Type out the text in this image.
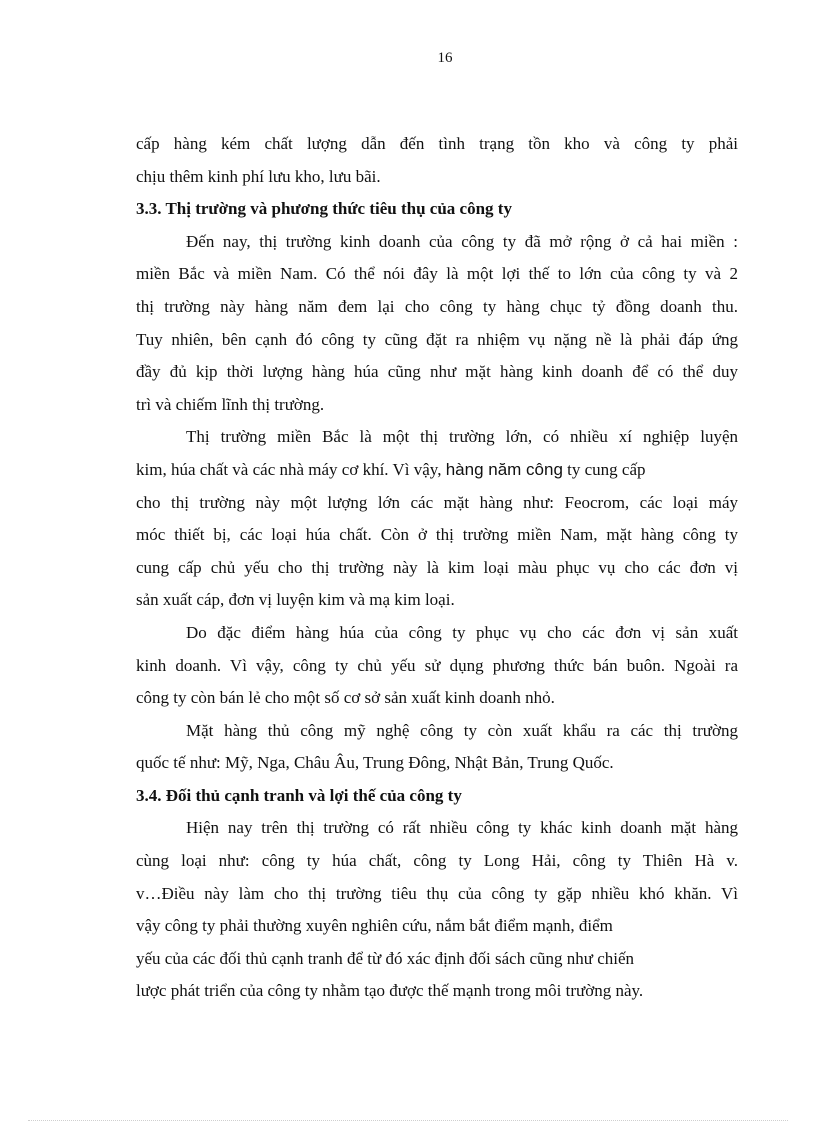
16
cấp hàng kém chất lượng dẫn đến tình trạng tồn kho và công ty phải
chịu thêm kinh phí lưu kho, lưu bãi.
3.3. Thị trường và phương thức tiêu thụ của công ty
Đến nay, thị trường kinh doanh của công ty đã mở rộng ở cả hai miền :
miền Bắc và miền Nam. Có thể nói đây là một lợi thế to lớn của công ty và 2
thị trường này hàng năm đem lại cho công ty hàng chục tỷ đồng doanh thu.
Tuy nhiên, bên cạnh đó công ty cũng đặt ra nhiệm vụ nặng nề là phải đáp ứng
đầy đủ kịp thời lượng hàng húa cũng như mặt hàng kinh doanh để có thể duy
trì và chiếm lĩnh thị trường.
Thị trường miền Bắc là một thị trường lớn, có nhiều xí nghiệp luyện
kim, húa chất và các nhà máy cơ khí. Vì vậy, hàng năm công ty cung cấp
cho thị trường này một lượng lớn các mặt hàng như: Feocrom, các loại máy
móc thiết bị, các loại húa chất. Còn ở thị trường miền Nam, mặt hàng công ty
cung cấp chủ yếu cho thị trường này là kim loại màu phục vụ cho các đơn vị
sản xuất cáp, đơn vị luyện kim và mạ kim loại.
Do đặc điểm hàng húa của công ty phục vụ cho các đơn vị sản xuất
kinh doanh. Vì vậy, công ty chủ yếu sử dụng phương thức bán buôn. Ngoài ra
công ty còn bán lẻ cho một số cơ sở sản xuất kinh doanh nhỏ.
Mặt hàng thủ công mỹ nghệ công ty còn xuất khẩu ra các thị trường
quốc tế như: Mỹ, Nga, Châu Âu, Trung Đông, Nhật Bản, Trung Quốc.
3.4. Đối thủ cạnh tranh và lợi thế của công ty
Hiện nay trên thị trường có rất nhiều công ty khác kinh doanh mặt hàng
cùng loại như: công ty húa chất, công ty Long Hải, công ty Thiên Hà v.
v…Điều này làm cho thị trường tiêu thụ của công ty gặp nhiều khó khăn. Vì
vậy công ty phải thường xuyên nghiên cứu, nắm bắt điểm mạnh, điểm
yếu của các đối thủ cạnh tranh để từ đó xác định đối sách cũng như chiến
lược phát triển của công ty nhằm tạo được thế mạnh trong môi trường này.
